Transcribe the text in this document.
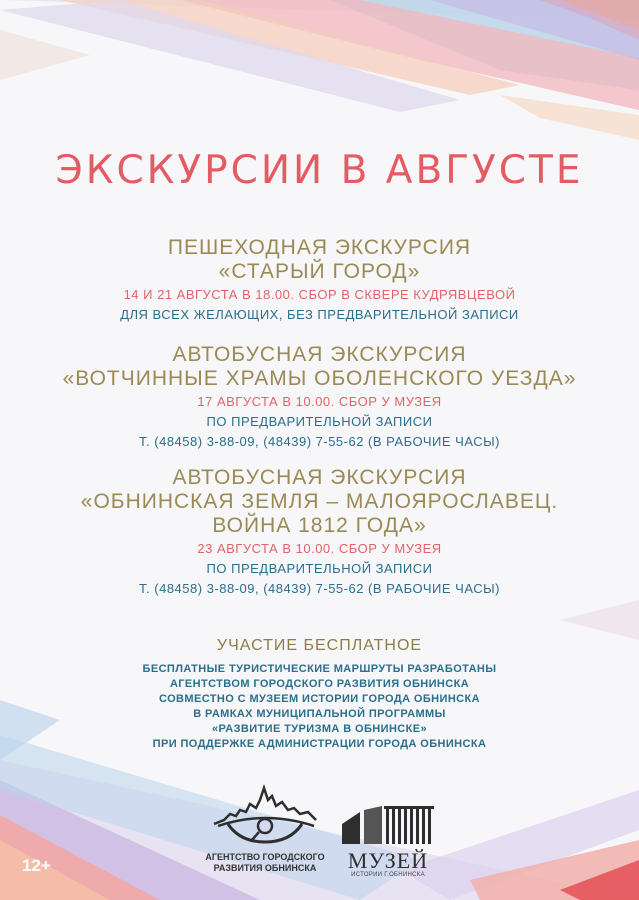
ЭКСКУРСИИ В АВГУСТЕ
ПЕШЕХОДНАЯ ЭКСКУРСИЯ
«СТАРЫЙ ГОРОД»
14 И 21 АВГУСТА В 18.00. СБОР В СКВЕРЕ КУДРЯВЦЕВОЙ
ДЛЯ ВСЕХ ЖЕЛАЮЩИХ, БЕЗ ПРЕДВАРИТЕЛЬНОЙ ЗАПИСИ
АВТОБУСНАЯ ЭКСКУРСИЯ
«ВОТЧИННЫЕ ХРАМЫ ОБОЛЕНСКОГО УЕЗДА»
17 АВГУСТА В 10.00. СБОР У МУЗЕЯ
ПО ПРЕДВАРИТЕЛЬНОЙ ЗАПИСИ
Т. (48458) 3-88-09, (48439) 7-55-62 (В РАБОЧИЕ ЧАСЫ)
АВТОБУСНАЯ ЭКСКУРСИЯ
«ОБНИНСКАЯ ЗЕМЛЯ – МАЛОЯРОСЛАВЕЦ.
ВОЙНА 1812 ГОДА»
23 АВГУСТА В 10.00. СБОР У МУЗЕЯ
ПО ПРЕДВАРИТЕЛЬНОЙ ЗАПИСИ
Т. (48458) 3-88-09, (48439) 7-55-62 (В РАБОЧИЕ ЧАСЫ)
УЧАСТИЕ БЕСПЛАТНОЕ
БЕСПЛАТНЫЕ ТУРИСТИЧЕСКИЕ МАРШРУТЫ РАЗРАБОТАНЫ
АГЕНТСТВОМ ГОРОДСКОГО РАЗВИТИЯ ОБНИНСКА
СОВМЕСТНО С МУЗЕЕМ ИСТОРИИ ГОРОДА ОБНИНСКА
В РАМКАХ МУНИЦИПАЛЬНОЙ ПРОГРАММЫ
«РАЗВИТИЕ ТУРИЗМА В ОБНИНСКЕ»
ПРИ ПОДДЕРЖКЕ АДМИНИСТРАЦИИ ГОРОДА ОБНИНСКА
12+	АГЕНТСТВО ГОРОДСКОГО
РАЗВИТИЯ ОБНИНСКА	МУЗЕЙ
ИСТОРИИ Г.ОБНИНСКА
